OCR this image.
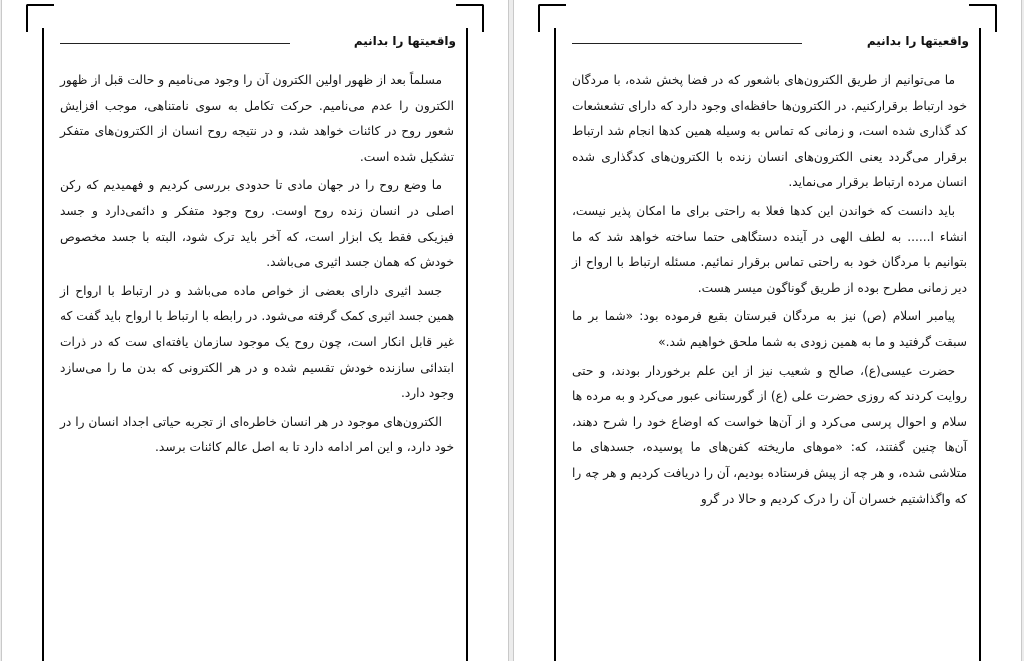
واقعیتها را بدانیم

مسلماً بعد از ظهور اولین الکترون آن را وجود می‌نامیم و حالت قبل از ظهور الکترون را عدم می‌نامیم. حرکت تکامل به سوی نامتناهی، موجب افزایش شعور روح در کائنات خواهد شد، و در نتیجه روح انسان از الکترون‌های متفکر تشکیل شده است.

ما وضع روح را در جهان مادی تا حدودی بررسی کردیم و فهمیدیم که رکن اصلی در انسان زنده روح اوست. روح وجود متفکر و دائمی‌دارد و جسد فیزیکی فقط یک ابزار است، که آخر باید ترک شود، البته با جسد مخصوص خودش که همان جسد اثیری می‌باشد.

جسد اثیری دارای بعضی از خواص ماده می‌باشد و در ارتباط با ارواح از همین جسد اثیری کمک گرفته می‌شود. در رابطه با ارتباط با ارواح باید گفت که غیر قابل انکار است، چون روح یک موجود سازمان یافته‌ای ست که در ذرات ابتدائی سازنده خودش تقسیم شده و در هر الکترونی که بدن ما را می‌سازد وجود دارد.

الکترون‌های موجود در هر انسان خاطره‌ای از تجربه حیاتی اجداد انسان را در خود دارد، و این امر ادامه دارد تا به اصل عالم کائنات برسد.

واقعیتها را بدانیم

ما می‌توانیم از طریق الکترون‌های باشعور که در فضا پخش شده، با مردگان خود ارتباط برقرارکنیم. در الکترون‌ها حافظه‌ای وجود دارد که دارای تشعشعات کد گذاری شده است، و زمانی که تماس به وسیله همین کدها انجام شد ارتباط برقرار می‌گردد یعنی الکترون‌های انسان زنده با الکترون‌های کدگذاری شده انسان مرده ارتباط برقرار می‌نماید.

باید دانست که خواندن این کدها فعلا به راحتی برای ما امکان پذیر نیست، انشاء ا...... به لطف الهی در آینده دستگاهی حتما ساخته خواهد شد که ما بتوانیم با مردگان خود به راحتی تماس برقرار نمائیم. مسئله ارتباط با ارواح از دیر زمانی مطرح بوده از طریق گوناگون میسر هست.

پیامبر اسلام (ص) نیز به مردگان قبرستان بقیع فرموده بود: «شما بر ما سبقت گرفتید و ما به همین زودی به شما ملحق خواهیم شد.»

حضرت عیسی(ع)، صالح و شعیب نیز از این علم برخوردار بودند، و حتی روایت کردند که روزی حضرت علی (ع) از گورستانی عبور می‌کرد و به مرده ها سلام و احوال پرسی می‌کرد و از آن‌ها خواست که اوضاع خود را شرح دهند، آن‌ها چنین گفتند، که: «موهای ماریخته کفن‌های ما پوسیده، جسدهای ما متلاشی شده، و هر چه از پیش فرستاده بودیم، آن را دریافت کردیم و هر چه را که واگذاشتیم خسران آن را درک کردیم و حالا در گرو
